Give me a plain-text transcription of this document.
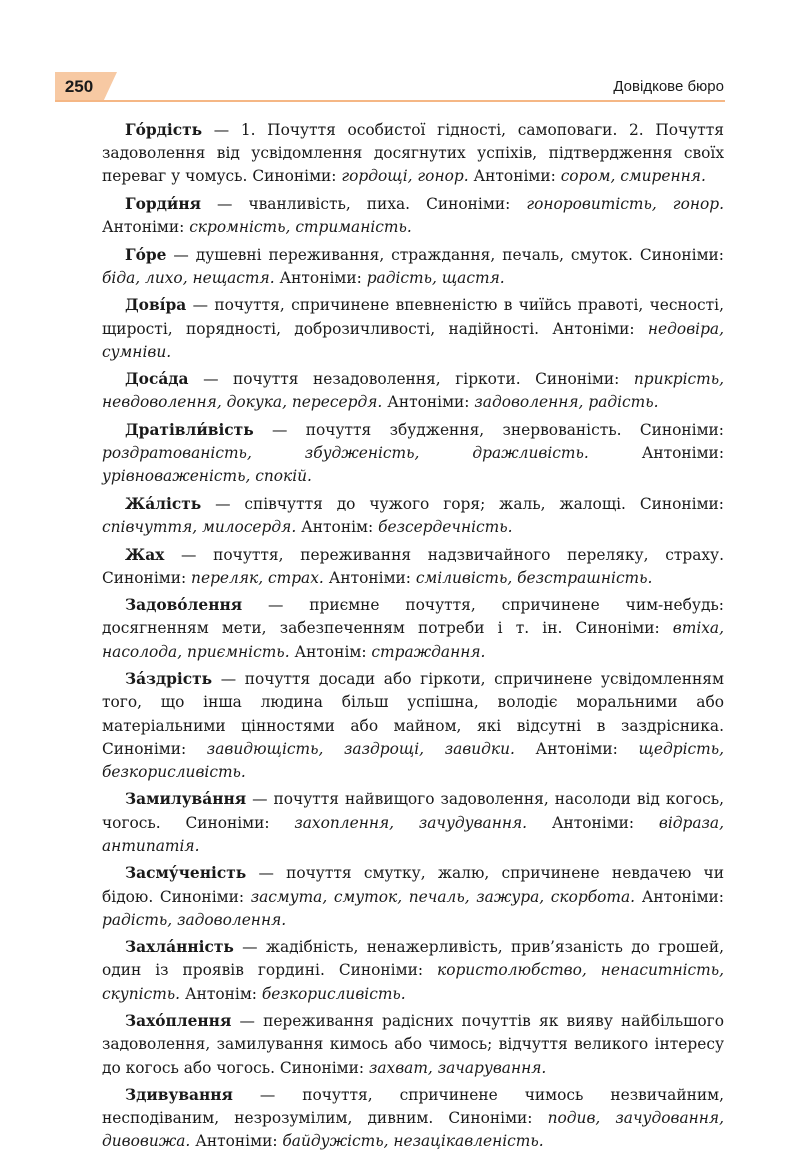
250	Довідкове бюро

Го́рдість — 1. Почуття особистої гідності, самоповаги. 2. Почуття задоволення від усвідомлення досягнутих успіхів, підтвердження своїх переваг у чомусь. Синоніми: гордощі, гонор. Антоніми: сором, смирення.

Горди́ня — чванливість, пиха. Синоніми: гоноровитість, гонор. Антоніми: скромність, стриманість.

Го́ре — душевні переживання, страждання, печаль, смуток. Синоніми: біда, лихо, нещастя. Антоніми: радість, щастя.

Дові́ра — почуття, спричинене впевненістю в чиїйсь правоті, чесності, щирості, порядності, доброзичливості, надійності. Антоніми: недовіра, сумніви.

Доса́да — почуття незадоволення, гіркоти. Синоніми: прикрість, невдоволення, докука, пересердя. Антоніми: задоволення, радість.

Дратівли́вість — почуття збудження, знервованість. Синоніми: роздратованість, збудженість, дражливість. Антоніми: урівноваженість, спокій.

Жа́лість — співчуття до чужого горя; жаль, жалощі. Синоніми: співчуття, милосердя. Антонім: безсердечність.

Жах — почуття, переживання надзвичайного переляку, страху. Синоніми: переляк, страх. Антоніми: сміливість, безстрашність.

Задово́лення — приємне почуття, спричинене чим-небудь: досягненням мети, забезпеченням потреби і т. ін. Синоніми: втіха, насолода, приємність. Антонім: страждання.

За́здрість — почуття досади або гіркоти, спричинене усвідомленням того, що інша людина більш успішна, володіє моральними або матеріальними цінностями або майном, які відсутні в заздрісника. Синоніми: завидющість, заздрощі, завидки. Антоніми: щедрість, безкорисливість.

Замилува́ння — почуття найвищого задоволення, насолоди від когось, чогось. Синоніми: захоплення, зачудування. Антоніми: відраза, антипатія.

Засму́ченість — почуття смутку, жалю, спричинене невдачею чи бідою. Синоніми: засмута, смуток, печаль, зажура, скорбота. Антоніми: радість, задоволення.

Захла́нність — жадібність, ненажерливість, прив’язаність до грошей, один із проявів гордині. Синоніми: користолюбство, ненаситність, скупість. Антонім: безкорисливість.

Захо́плення — переживання радісних почуттів як вияву найбільшого задоволення, замилування кимось або чимось; відчуття великого інтересу до когось або чогось. Синоніми: захват, зачарування.

Здивування — почуття, спричинене чимось незвичайним, несподіваним, незрозумілим, дивним. Синоніми: подив, зачудовання, дивовижа. Антоніми: байдужість, незацікавленість.
